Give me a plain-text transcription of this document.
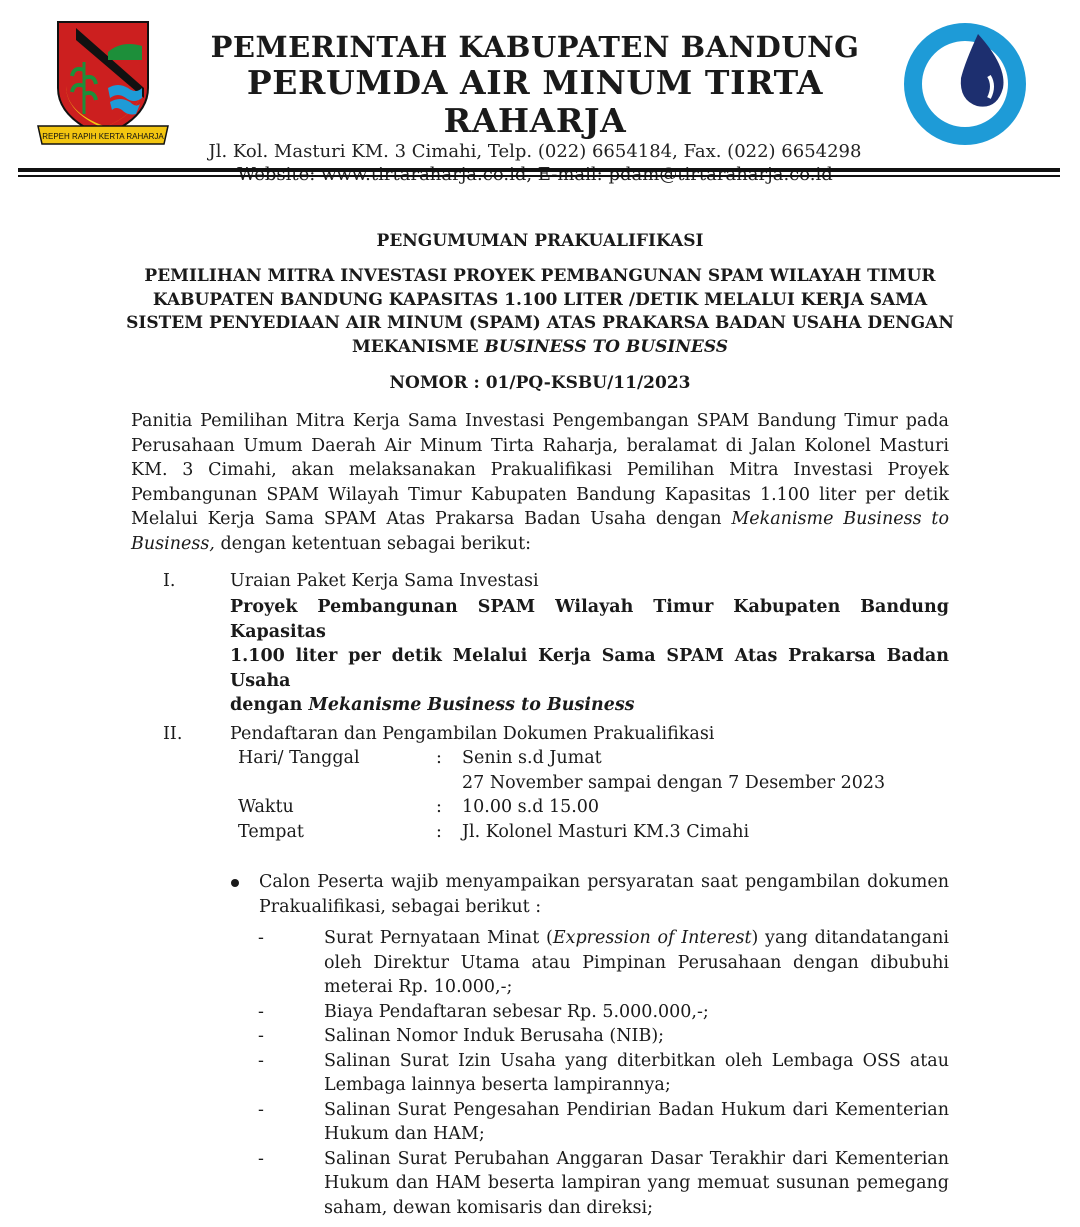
REPEH RAPIH KERTA RAHARJA

PEMERINTAH KABUPATEN BANDUNG

PERUMDA AIR MINUM TIRTA RAHARJA

Jl. Kol. Masturi KM. 3 Cimahi, Telp. (022) 6654184, Fax. (022) 6654298

PENGUMUMAN PRAKUALIFIKASI

PEMILIHAN MITRA INVESTASI PROYEK PEMBANGUNAN SPAM WILAYAH TIMUR
KABUPATEN BANDUNG KAPASITAS 1.100 LITER /DETIK MELALUI KERJA SAMA
SISTEM PENYEDIAAN AIR MINUM (SPAM) ATAS PRAKARSA BADAN USAHA DENGAN
MEKANISME BUSINESS TO BUSINESS

NOMOR : 01/PQ-KSBU/11/2023

Panitia Pemilihan Mitra Kerja Sama Investasi Pengembangan SPAM Bandung Timur pada
Perusahaan Umum Daerah Air Minum Tirta Raharja, beralamat di Jalan Kolonel Masturi
KM. 3 Cimahi, akan melaksanakan Prakualifikasi Pemilihan Mitra Investasi Proyek
Pembangunan SPAM Wilayah Timur Kabupaten Bandung Kapasitas 1.100 liter per detik
Melalui Kerja Sama SPAM Atas Prakarsa Badan Usaha dengan Mekanisme Business to
Business, dengan ketentuan sebagai berikut:

I.	Uraian Paket Kerja Sama Investasi

Proyek Pembangunan SPAM Wilayah Timur Kabupaten Bandung Kapasitas
1.100 liter per detik Melalui Kerja Sama SPAM Atas Prakarsa Badan Usaha
dengan Mekanisme Business to Business

II.	Pendaftaran dan Pengambilan Dokumen Prakualifikasi

Hari/ Tanggal	: Senin s.d Jumat
27 November sampai dengan 7 Desember 2023
Waktu	: 10.00 s.d 15.00
Tempat	: Jl. Kolonel Masturi KM.3 Cimahi

Calon Peserta wajib menyampaikan persyaratan saat pengambilan dokumen
Prakualifikasi, sebagai berikut :

-	Surat Pernyataan Minat (Expression of Interest) yang ditandatangani
oleh Direktur Utama atau Pimpinan Perusahaan dengan dibubuhi
meterai Rp. 10.000,-;
-	Biaya Pendaftaran sebesar Rp. 5.000.000,-;
-	Salinan Nomor Induk Berusaha (NIB);
-	Salinan Surat Izin Usaha yang diterbitkan oleh Lembaga OSS atau
Lembaga lainnya beserta lampirannya;
-	Salinan Surat Pengesahan Pendirian Badan Hukum dari Kementerian
Hukum dan HAM;
-	Salinan Surat Perubahan Anggaran Dasar Terakhir dari Kementerian
Hukum dan HAM beserta lampiran yang memuat susunan pemegang
saham, dewan komisaris dan direksi;
